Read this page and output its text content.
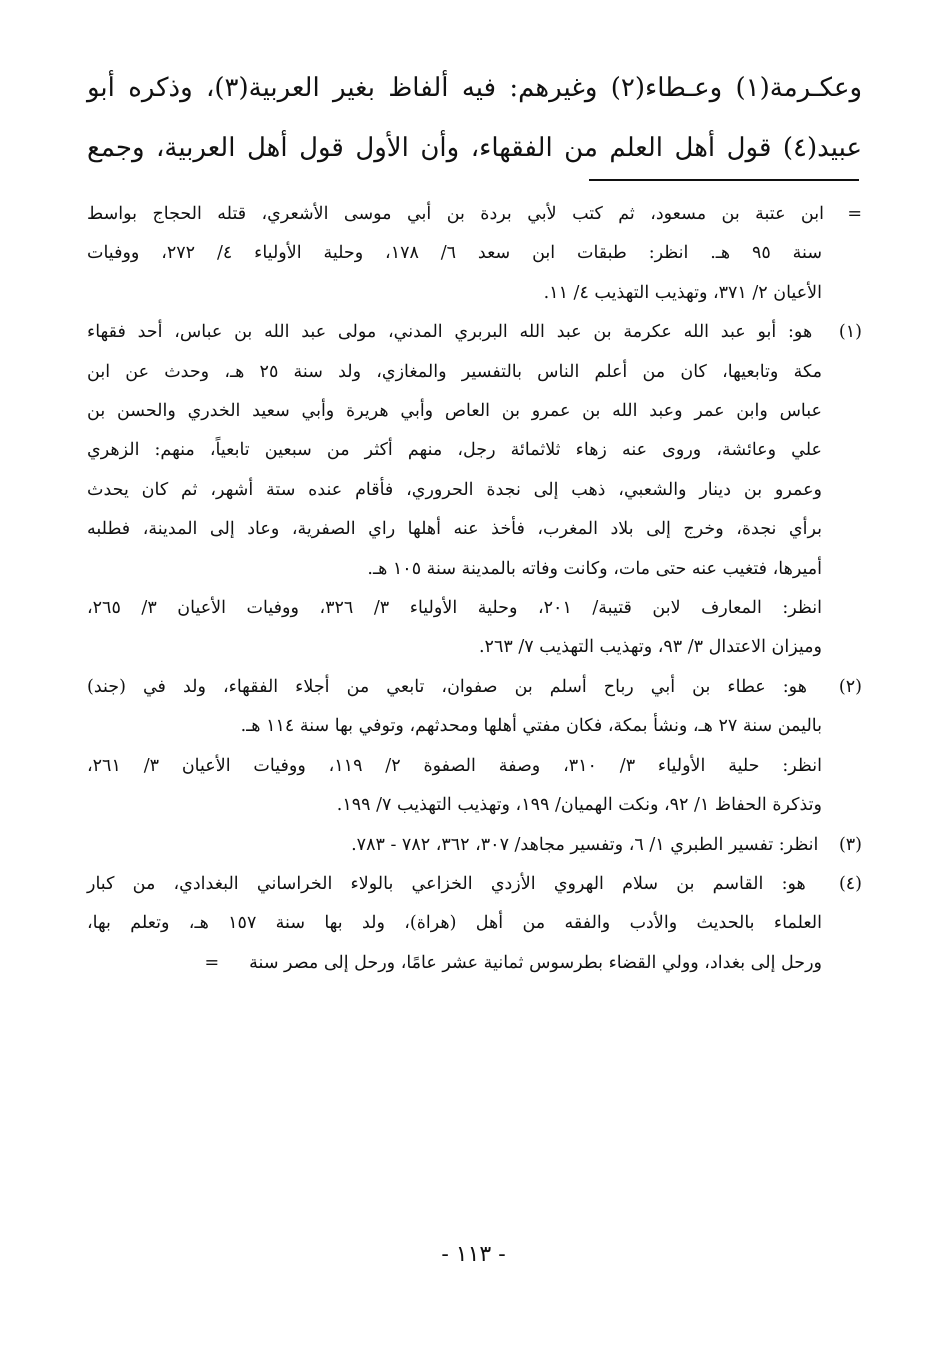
وعكـرمة(١) وعـطاء(٢) وغيرهم: فيه ألفاظ بغير العربية(٣)، وذكره أبو
عبيد(٤) قول أهل العلم من الفقهاء، وأن الأول قول أهل العربية، وجمع
=ابن عتبة بن مسعود، ثم كتب لأبي بردة بن أبي موسى الأشعري، قتله الحجاج بواسط
سنة ٩٥ هـ. انظر: طبقات ابن سعد ٦/ ١٧٨، وحلية الأولياء ٤/ ٢٧٢، ووفيات
الأعيان ٢/ ٣٧١، وتهذيب التهذيب ٤/ ١١.
(١) هو: أبو عبد الله عكرمة بن عبد الله البربري المدني، مولى عبد الله بن عباس، أحد فقهاء
مكة وتابعيها، كان من أعلم الناس بالتفسير والمغازي، ولد سنة ٢٥ هـ، وحدث عن ابن
عباس وابن عمر وعبد الله بن عمرو بن العاص وأبي هريرة وأبي سعيد الخدري والحسن بن
علي وعائشة، وروى عنه زهاء ثلاثمائة رجل، منهم أكثر من سبعين تابعياً، منهم: الزهري
وعمرو بن دينار والشعبي، ذهب إلى نجدة الحروري، فأقام عنده ستة أشهر، ثم كان يحدث
برأي نجدة، وخرج إلى بلاد المغرب، فأخذ عنه أهلها راي الصفرية، وعاد إلى المدينة، فطلبه
أميرها، فتغيب عنه حتى مات، وكانت وفاته بالمدينة سنة ١٠٥ هـ.
انظر: المعارف لابن قتيبة/ ٢٠١، وحلية الأولياء ٣/ ٣٢٦، ووفيات الأعيان ٣/ ٢٦٥،
وميزان الاعتدال ٣/ ٩٣، وتهذيب التهذيب ٧/ ٢٦٣.
(٢) هو: عطاء بن أبي رباح أسلم بن صفوان، تابعي من أجلاء الفقهاء، ولد في (جند)
باليمن سنة ٢٧ هـ، ونشأ بمكة، فكان مفتي أهلها ومحدثهم، وتوفي بها سنة ١١٤ هـ.
انظر: حلية الأولياء ٣/ ٣١٠، وصفة الصفوة ٢/ ١١٩، ووفيات الأعيان ٣/ ٢٦١،
وتذكرة الحفاظ ١/ ٩٢، ونكت الهميان/ ١٩٩، وتهذيب التهذيب ٧/ ١٩٩.
(٣) انظر: تفسير الطبري ١/ ٦، وتفسير مجاهد/ ٣٠٧، ٣٦٢، ٧٨٢ - ٧٨٣.
(٤) هو: القاسم بن سلام الهروي الأزدي الخزاعي بالولاء الخراساني البغدادي، من كبار
العلماء بالحديث والأدب والفقه من أهل (هراة)، ولد بها سنة ١٥٧ هـ، وتعلم بها،
ورحل إلى بغداد، وولي القضاء بطرسوس ثمانية عشر عامًا، ورحل إلى مصر سنة=
- ١١٣ -
